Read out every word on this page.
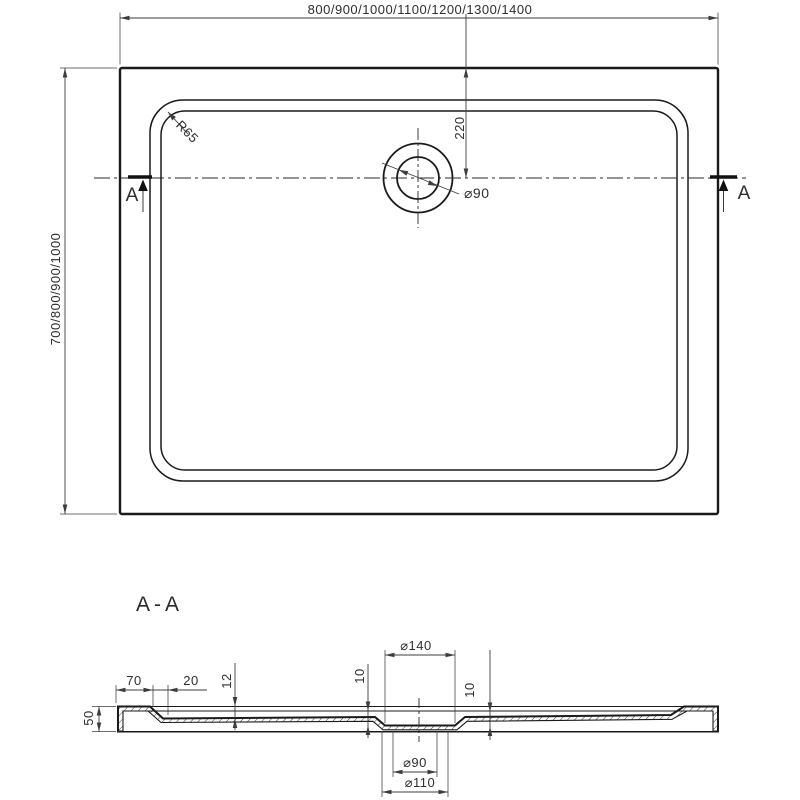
800/900/1000/1100/1200/1300/1400
700/800/900/1000
220
⌀90
R65
A	A
A-A
70	20	12	10
10
50
⌀140
⌀90
⌀110
